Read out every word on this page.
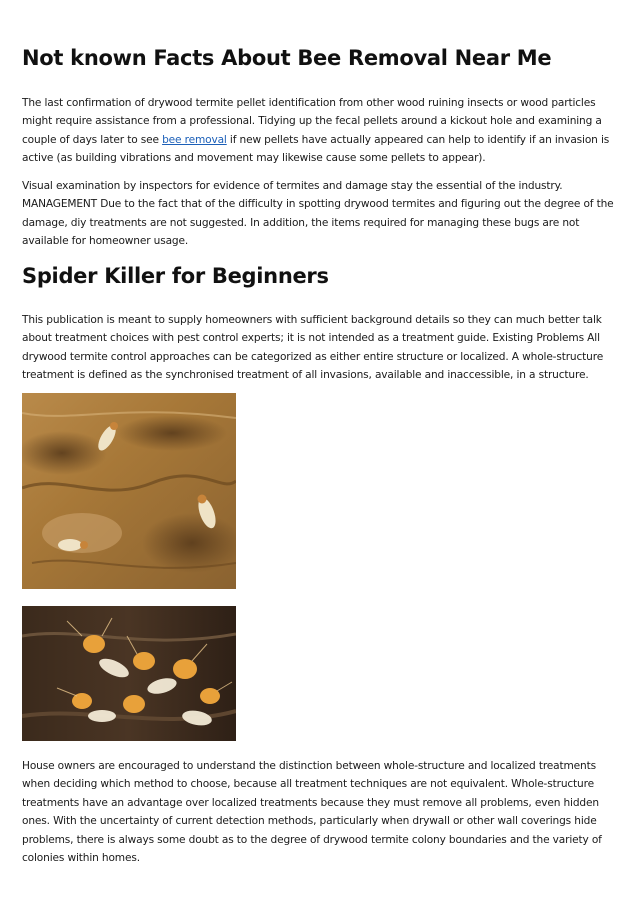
Not known Facts About Bee Removal Near Me

The last confirmation of drywood termite pellet identification from other wood ruining insects or wood particles might require assistance from a professional. Tidying up the fecal pellets around a kickout hole and examining a couple of days later to see bee removal if new pellets have actually appeared can help to identify if an invasion is active (as building vibrations and movement may likewise cause some pellets to appear).

Visual examination by inspectors for evidence of termites and damage stay the essential of the industry. MANAGEMENT Due to the fact that of the difficulty in spotting drywood termites and figuring out the degree of the damage, diy treatments are not suggested. In addition, the items required for managing these bugs are not available for homeowner usage.

Spider Killer for Beginners

This publication is meant to supply homeowners with sufficient background details so they can much better talk about treatment choices with pest control experts; it is not intended as a treatment guide. Existing Problems All drywood termite control approaches can be categorized as either entire structure or localized. A whole-structure treatment is defined as the synchronised treatment of all invasions, available and inaccessible, in a structure.

House owners are encouraged to understand the distinction between whole-structure and localized treatments when deciding which method to choose, because all treatment techniques are not equivalent. Whole-structure treatments have an advantage over localized treatments because they must remove all problems, even hidden ones. With the uncertainty of current detection methods, particularly when drywall or other wall coverings hide problems, there is always some doubt as to the degree of drywood termite colony boundaries and the variety of colonies within homes.
